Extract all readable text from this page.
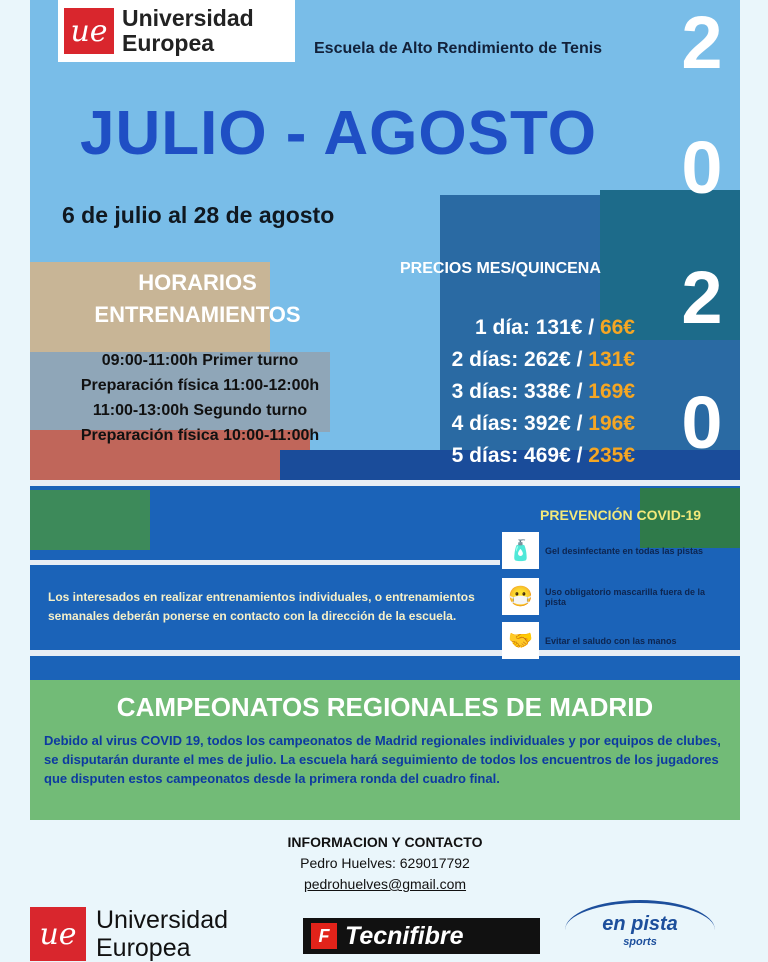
ue Universidad
Europea	Escuela de Alto Rendimiento de Tenis 2
0
2
0
JULIO - AGOSTO
6 de julio al 28 de agosto
HORARIOS
ENTRENAMIENTOS
09:00-11:00h Primer turno
Preparación física 11:00-12:00h
11:00-13:00h Segundo turno
Preparación física 10:00-11:00h
PRECIOS MES/QUINCENA
1 día: 131€ / 66€
2 días: 262€ / 131€
3 días: 338€ / 169€
4 días: 392€ / 196€
5 días: 469€ / 235€
PREVENCIÓN COVID-19
🧴	Gel desinfectante en todas las pistas
😷	Uso obligatorio mascarilla fuera de la pista
🤝	Evitar el saludo con las manos
Los interesados en realizar entrenamientos individuales, o entrenamientos semanales deberán ponerse en contacto con la dirección de la escuela.
CAMPEONATOS REGIONALES DE MADRID
Debido al virus COVID 19, todos los campeonatos de Madrid regionales individuales y por equipos de clubes, se disputarán durante el mes de julio. La escuela hará seguimiento de todos los encuentros de los jugadores que disputen estos campeonatos desde la primera ronda del cuadro final.
INFORMACION Y CONTACTO
Pedro Huelves: 629017792
pedrohuelves@gmail.com
ue Universidad
Europea	F Tecnifibre	en pista
sports
